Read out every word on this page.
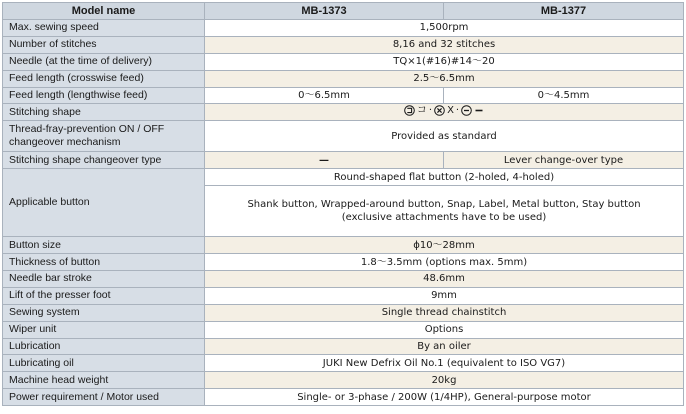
Model name	MB-1373	MB-1377
Max. sewing speed	1,500rpm	
Number of stitches	8,16 and 32 stitches	
Needle (at the time of delivery)	TQ×1(#16)#14～20	
Feed length (crosswise feed)	2.5～6.5mm	
Feed length (lengthwise feed)	0～6.5mm	0～4.5mm
Stitching shape	コ · X ·	

Thread-fray-prevention ON / OFF
changeover mechanism	Provided as standard	
Stitching shape changeover type	—	Lever change-over type
Applicable button	Round-shaped flat button (2-holed, 4-holed)	

	Shank button, Wrapped-around button, Snap, Label, Metal button, Stay button
(exclusive attachments have to be used)	

Button size	ϕ10～28mm	
Thickness of button	1.8～3.5mm (options max. 5mm)	
Needle bar stroke	48.6mm	
Lift of the presser foot	9mm	
Sewing system	Single thread chainstitch	
Wiper unit	Options	
Lubrication	By an oiler	
Lubricating oil	JUKI New Defrix Oil No.1 (equivalent to ISO VG7)	
Machine head weight	20kg	
Power requirement / Motor used	Single- or 3-phase / 200W (1/4HP), General-purpose motor	
